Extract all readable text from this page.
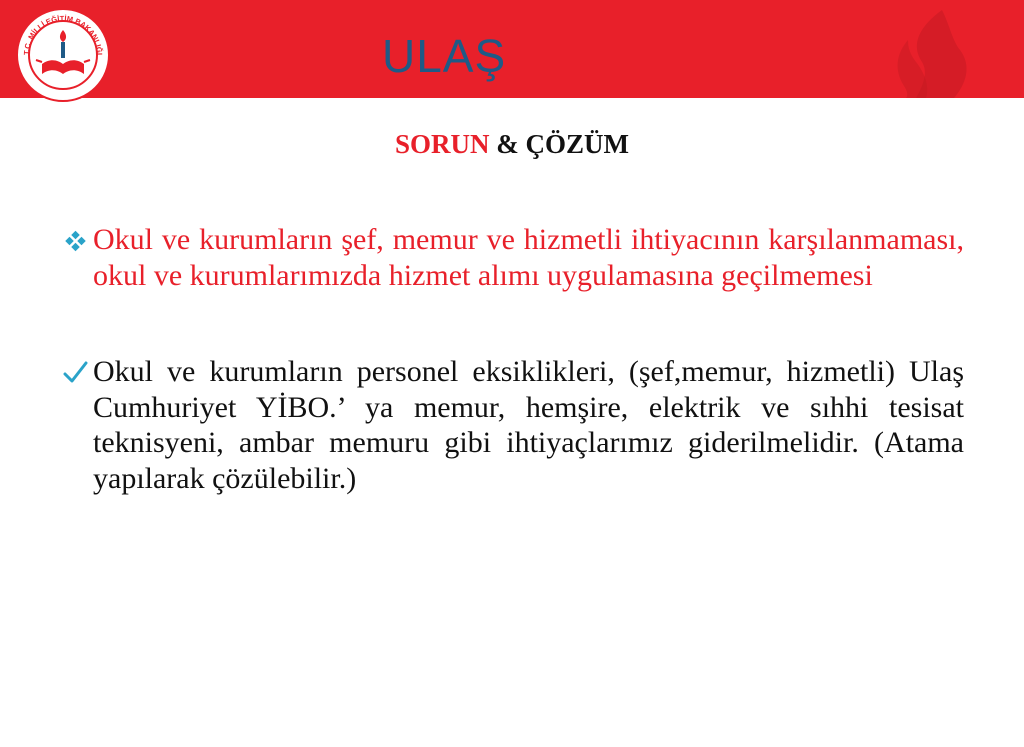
T.C. MİLLİ EĞİTİM BAKANLIĞI	ULAŞ
SORUN & ÇÖZÜM
Okul ve kurumların şef, memur ve hizmetli ihtiyacının karşılanmaması, okul ve kurumlarımızda hizmet alımı uygulamasına geçilmemesi
Okul ve kurumların personel eksiklikleri, (şef,memur, hizmetli) Ulaş Cumhuriyet YİBO.’ ya memur, hemşire, elektrik ve sıhhi tesisat teknisyeni, ambar memuru gibi ihtiyaçlarımız giderilmelidir. (Atama yapılarak çözülebilir.)
